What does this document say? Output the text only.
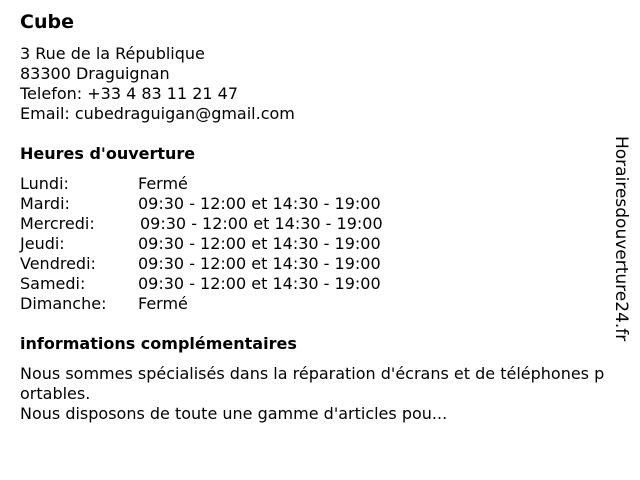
Cube
3 Rue de la République
83300 Draguignan
Telefon: +33 4 83 11 21 47
Email: cubedraguigan@gmail.com
Heures d'ouverture
Lundi:	Fermé
Mardi:	09:30 - 12:00 et 14:30 - 19:00
Mercredi:	09:30 - 12:00 et 14:30 - 19:00
Jeudi:	09:30 - 12:00 et 14:30 - 19:00
Vendredi:	09:30 - 12:00 et 14:30 - 19:00
Samedi:	09:30 - 12:00 et 14:30 - 19:00
Dimanche: Fermé
informations complémentaires
Nous sommes spécialisés dans la réparation d'écrans et de téléphones portables.
Nous disposons de toute une gamme d'articles pou...
Horairesdouverture24.fr
